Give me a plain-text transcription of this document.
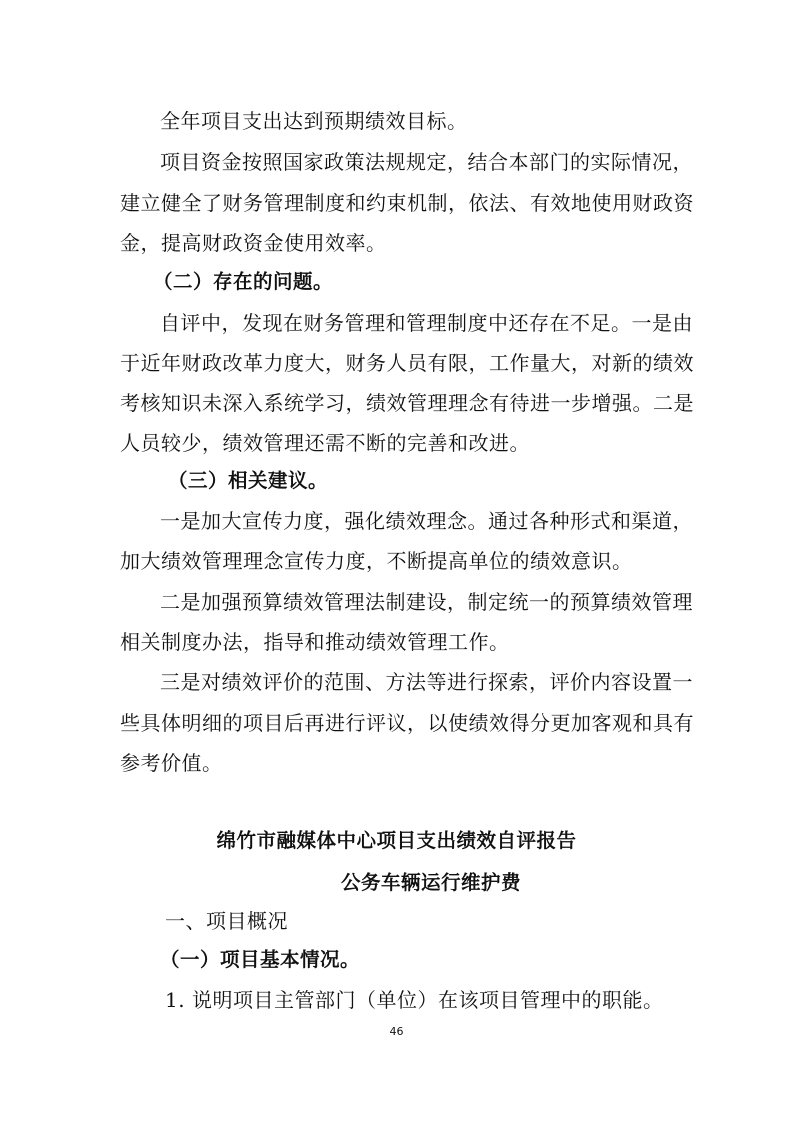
全年项目支出达到预期绩效目标。
项目资金按照国家政策法规规定，结合本部门的实际情况，
建立健全了财务管理制度和约束机制，依法、有效地使用财政资
金，提高财政资金使用效率。
（二）存在的问题。
自评中，发现在财务管理和管理制度中还存在不足。一是由
于近年财政改革力度大，财务人员有限，工作量大，对新的绩效
考核知识未深入系统学习，绩效管理理念有待进一步增强。二是
人员较少，绩效管理还需不断的完善和改进。
（三）相关建议。
一是加大宣传力度，强化绩效理念。通过各种形式和渠道，
加大绩效管理理念宣传力度，不断提高单位的绩效意识。
二是加强预算绩效管理法制建设，制定统一的预算绩效管理
相关制度办法，指导和推动绩效管理工作。
三是对绩效评价的范围、方法等进行探索，评价内容设置一
些具体明细的项目后再进行评议，以使绩效得分更加客观和具有
参考价值。
绵竹市融媒体中心项目支出绩效自评报告
公务车辆运行维护费
一、项目概况
（一）项目基本情况。
1. 说明项目主管部门（单位）在该项目管理中的职能。
46
